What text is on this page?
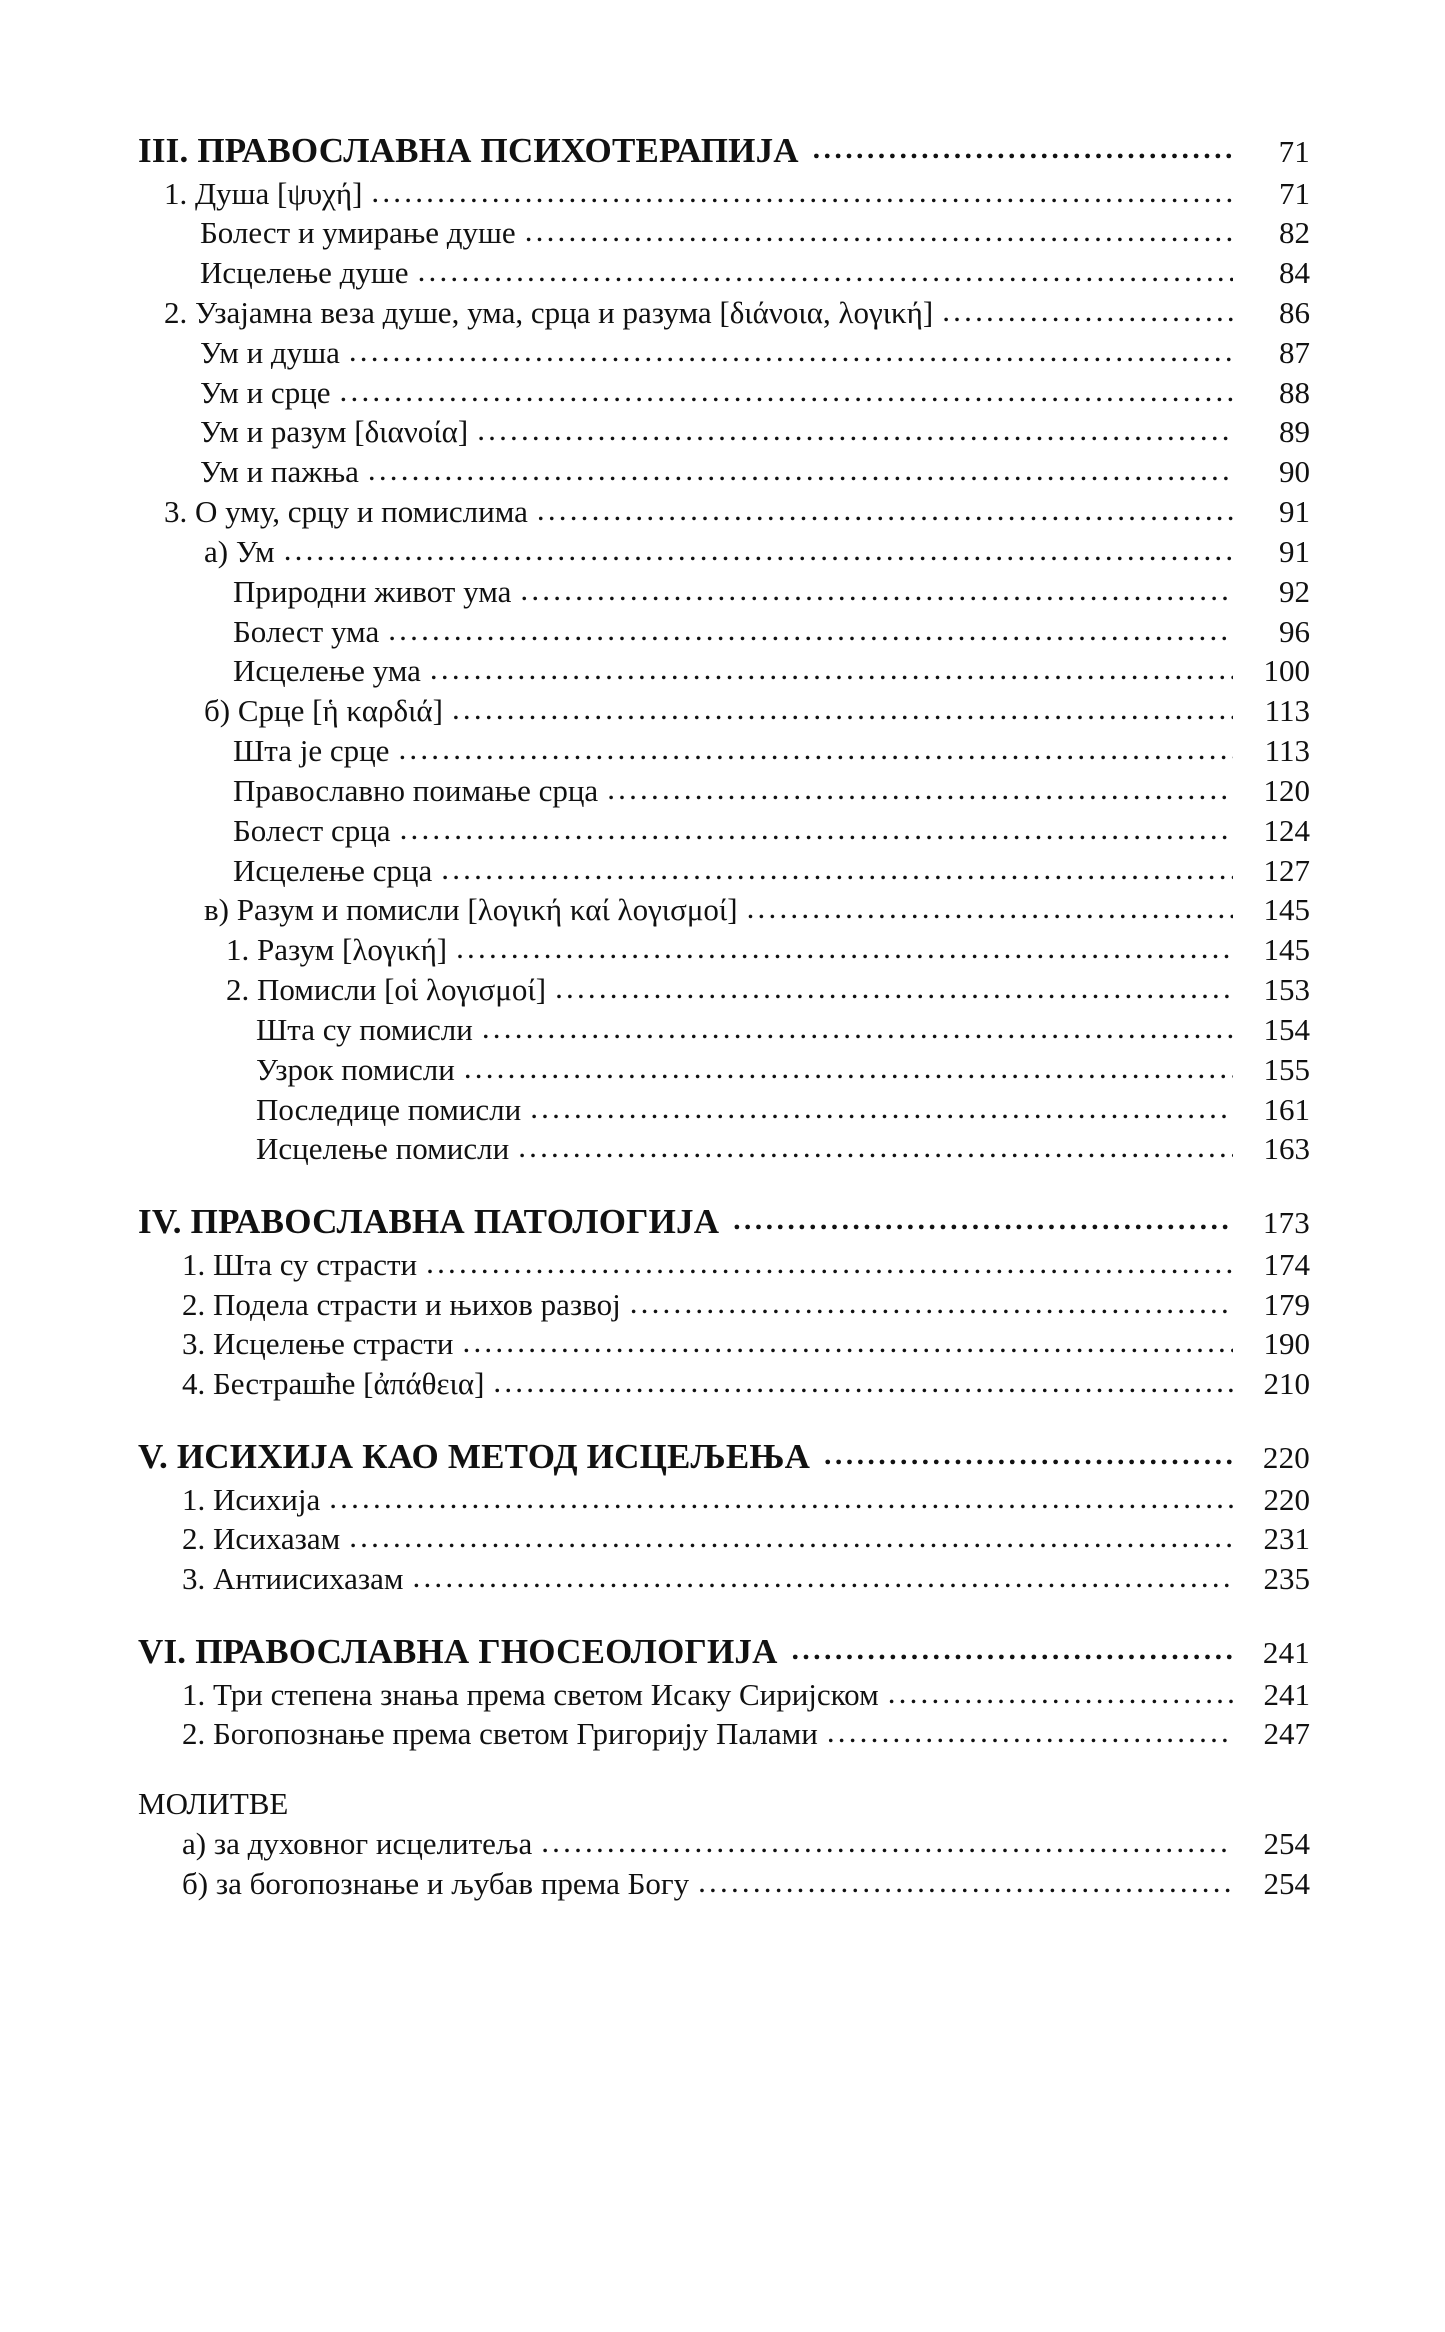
III. ПРАВОСЛАВНА ПСИХОТЕРАПИЈА .....	71
1. Душа [ψυχή] .....	71
Болест и умирање душе .....	82
Исцелење душе .....	84
2. Узајамна веза душе, ума, срца и разума [διάνοια, λογική] .....	86
Ум и душа .....	87
Ум и срце .....	88
Ум и разум [διανοία] .....	89
Ум и пажња .....	90
3. О уму, срцу и помислима .....	91
а) Ум .....	91
Природни живот ума .....	92
Болест ума .....	96
Исцелење ума .....	100
б) Срце [ἡ καρδιά] .....	113
Шта је срце .....	113
Православно поимање срца .....	120
Болест срца .....	124
Исцелење срца .....	127
в) Разум и помисли [λογική καί λογισμοί] .....	145
1. Разум [λογική] .....	145
2. Помисли [οἱ λογισμοί] .....	153
Шта су помисли .....	154
Узрок помисли .....	155
Последице помисли .....	161
Исцелење помисли .....	163
IV. ПРАВОСЛАВНА ПАТОЛОГИЈА .....	173
1. Шта су страсти .....	174
2. Подела страсти и њихов развој .....	179
3. Исцелење страсти .....	190
4. Бестрашће [ἀπάθεια] .....	210
V. ИСИХИЈА КАО МЕТОД ИСЦЕЉЕЊА .....	220
1. Исихија .....	220
2. Исихазам .....	231
3. Антиисихазам .....	235
VI. ПРАВОСЛАВНА ГНОСЕОЛОГИЈА .....	241
1. Три степена знања према светом Исаку Сиријском .....	241
2. Богопознање према светом Григорију Палами .....	247
МОЛИТВЕ
а) за духовног исцелитеља .....	254
б) за богопознање и љубав према Богу .....	254
